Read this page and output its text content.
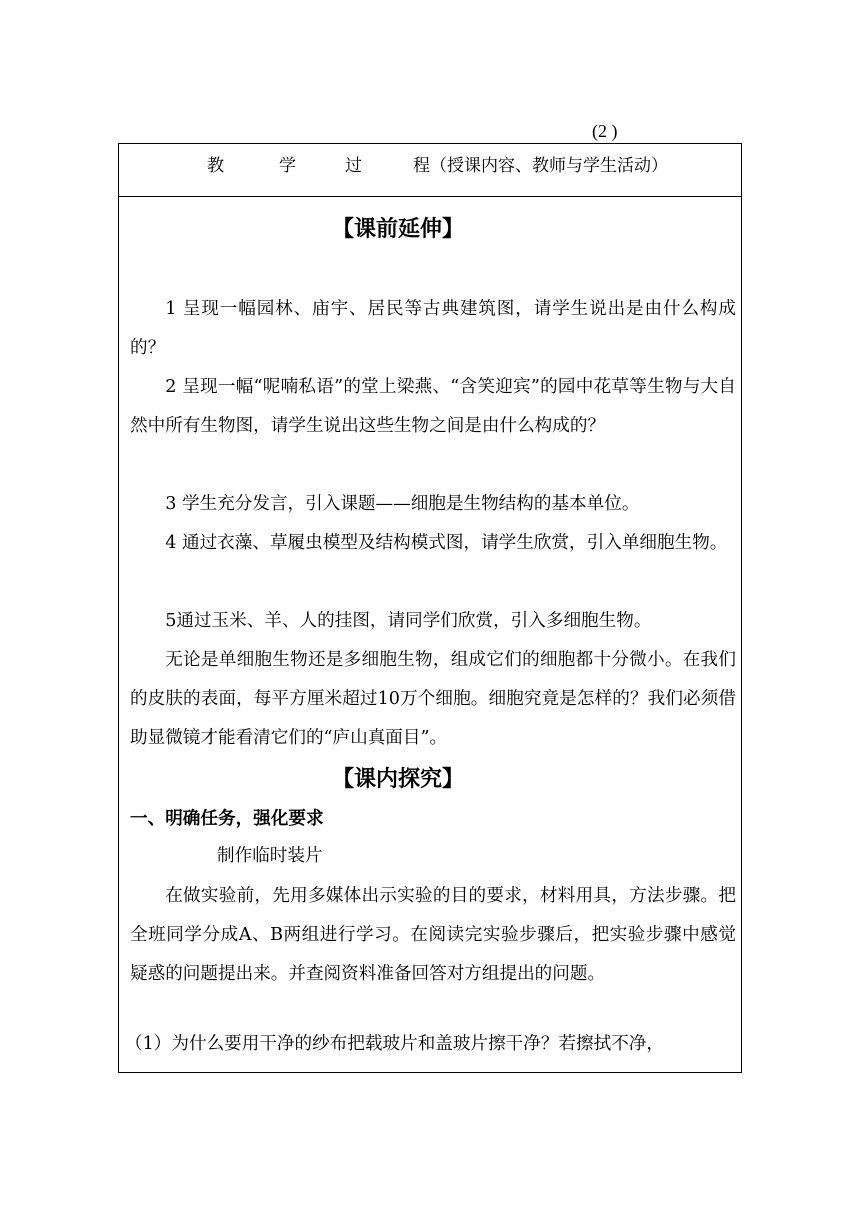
(2 )
教	学	过	程（授课内容、教师与学生活动）
【课前延伸】

1 呈现一幅园林、庙宇、居民等古典建筑图，请学生说出是由什么构成的？

2 呈现一幅“呢喃私语”的堂上梁燕、“含笑迎宾”的园中花草等生物与大自然中所有生物图，请学生说出这些生物之间是由什么构成的？

3 学生充分发言，引入课题——细胞是生物结构的基本单位。

4 通过衣藻、草履虫模型及结构模式图，请学生欣赏，引入单细胞生物。

5通过玉米、羊、人的挂图，请同学们欣赏，引入多细胞生物。

无论是单细胞生物还是多细胞生物，组成它们的细胞都十分微小。在我们的皮肤的表面，每平方厘米超过10万个细胞。细胞究竟是怎样的？我们必须借助显微镜才能看清它们的“庐山真面目”。

【课内探究】
一、明确任务，强化要求
制作临时装片

在做实验前，先用多媒体出示实验的目的要求，材料用具，方法步骤。把全班同学分成A、B两组进行学习。在阅读完实验步骤后，把实验步骤中感觉疑惑的问题提出来。并查阅资料准备回答对方组提出的问题。

（1）为什么要用干净的纱布把载玻片和盖玻片擦干净？若擦拭不净，
